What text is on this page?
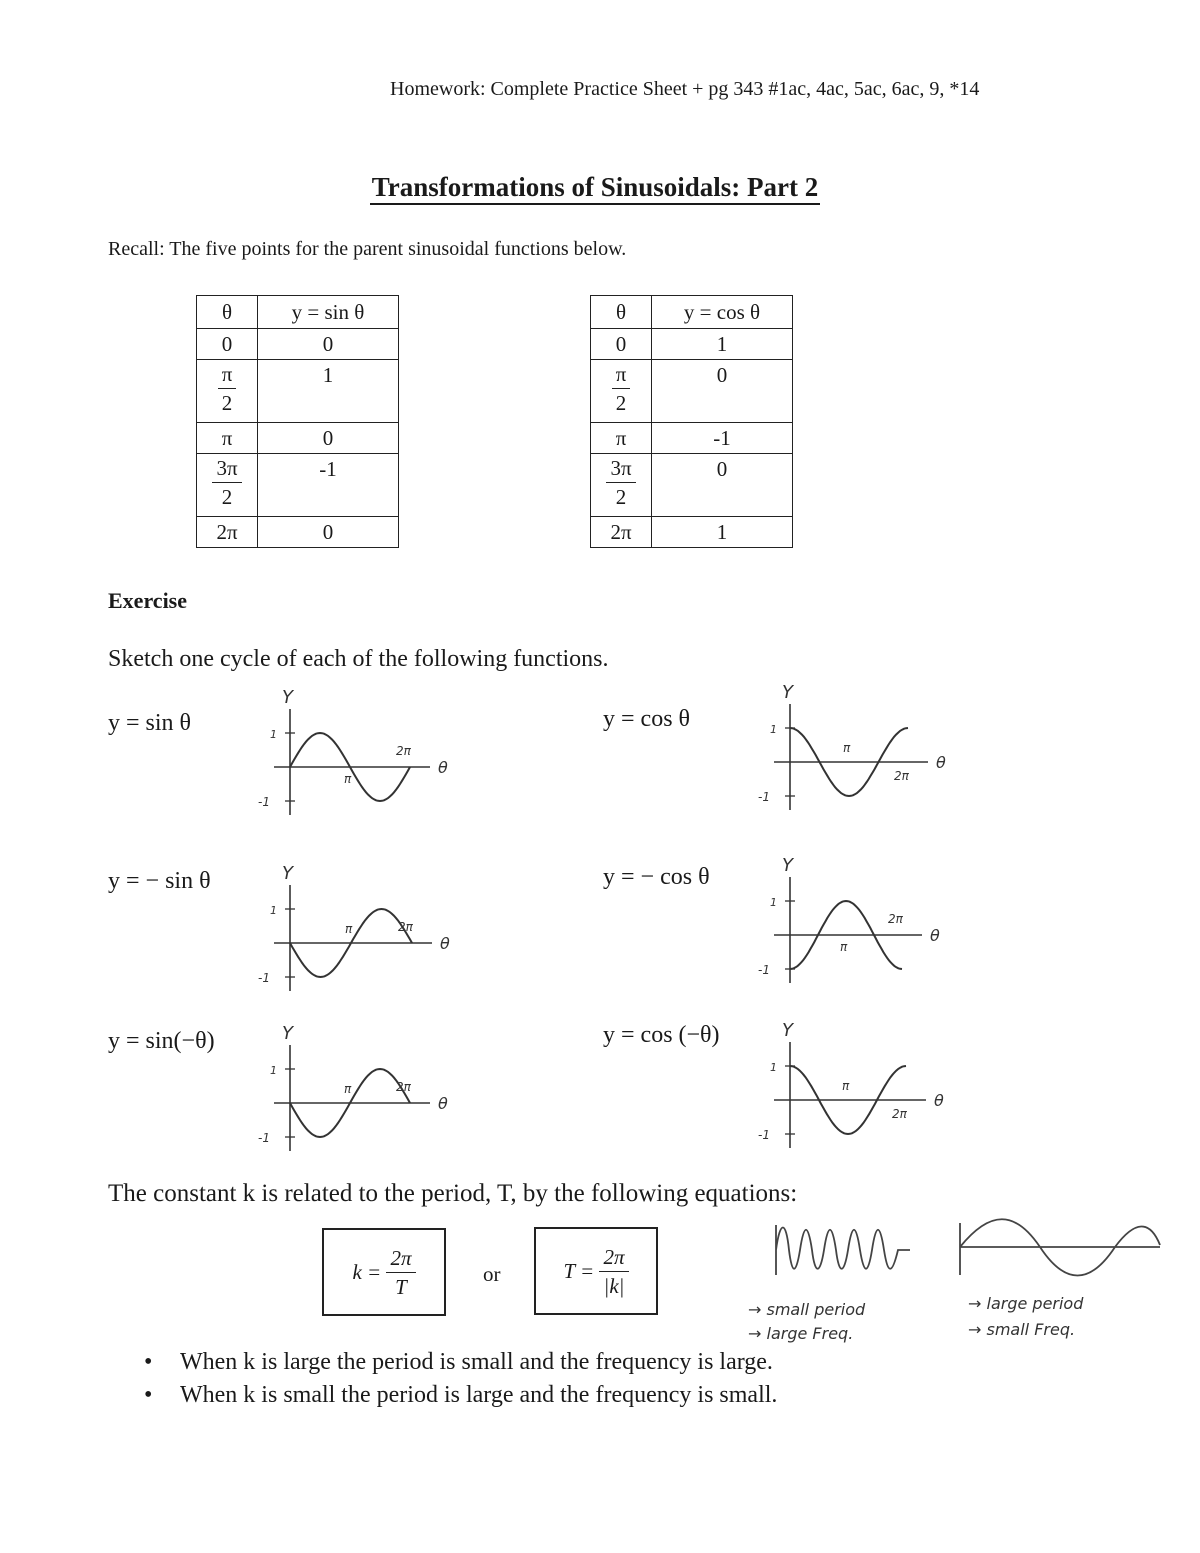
Homework: Complete Practice Sheet + pg 343 #1ac, 4ac, 5ac, 6ac, 9, *14
Transformations of Sinusoidals: Part 2
Recall: The five points for the parent sinusoidal functions below.
θ	y = sin θ
0	0

$\frac{\pi}{2}$	1
π	0

$\frac{3\pi}{2}$	-1
2π	0
θ	y = cos θ
0	1

$\frac{\pi}{2}$	0
π	-1

$\frac{3\pi}{2}$	0
2π	1
Exercise
Sketch one cycle of each of the following functions.
y = sin θ	y = cos θ
y = − sin θ	y = − cos θ
y = sin(−θ)	y = cos (−θ)
Y
θ
1
-1
π
2π
Y
θ
1
-1
π
2π
Y
θ
1
-1
π	2π
Y
θ
1
-1
π
2π
Y
θ
1
-1
π	2π
Y
θ
1
-1
π
2π
The constant k is related to the period, T, by the following equations:
k =
$\frac{2\pi}{T}$	or	T =
$\frac{2\pi}{|k|}$
→ small period
→ large Freq.
→ large period
→ small Freq.
• When k is large the period is small and the frequency is large.
• When k is small the period is large and the frequency is small.
